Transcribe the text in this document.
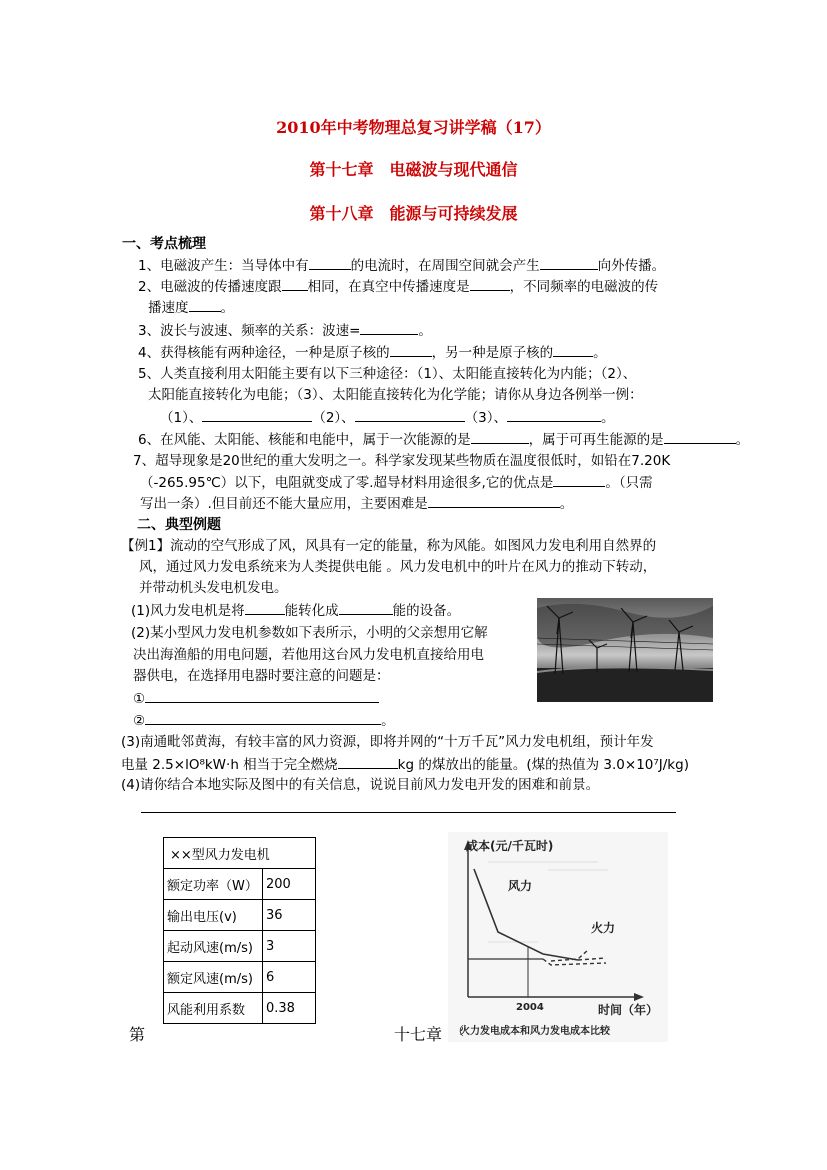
2010年中考物理总复习讲学稿（17）
第十七章　电磁波与现代通信
第十八章　能源与可持续发展
一、考点梳理
1、电磁波产生：当导体中有	的电流时，在周围空间就会产生	向外传播。
2、电磁波的传播速度跟 相同，在真空中传播速度是	，不同频率的电磁波的传
播速度 。
3、波长与波速、频率的关系：波速=	。
4、获得核能有两种途径，一种是原子核的	，另一种是原子核的	。
5、人类直接利用太阳能主要有以下三种途径：（1）、太阳能直接转化为内能；（2）、
太阳能直接转化为电能；（3）、太阳能直接转化为化学能；请你从身边各例举一例：
（1）、	（2）、	（3）、	。
6、在风能、太阳能、核能和电能中，属于一次能源的是	，属于可再生能源的是	。
7、超导现象是20世纪的重大发明之一。科学家发现某些物质在温度很低时，如铅在7.20K
（-265.95℃）以下，电阻就变成了零.超导材料用途很多,它的优点是	。（只需
写出一条）.但目前还不能大量应用，主要困难是	。
二、典型例题
【例1】流动的空气形成了风，风具有一定的能量，称为风能。如图风力发电利用自然界的
风，通过风力发电系统来为人类提供电能 。风力发电机中的叶片在风力的推动下转动，
并带动机头发电机发电。
(1)风力发电机是将	能转化成	能的设备。
(2)某小型风力发电机参数如下表所示，小明的父亲想用它解
决出海渔船的用电问题，若他用这台风力发电机直接给用电
器供电，在选择用电器时要注意的问题是：
①
②	。
(3)南通毗邻黄海，有较丰富的风力资源，即将并网的“十万千瓦”风力发电机组，预计年发
电量 2.5×lO⁸kW·h 相当于完全燃烧	kg 的煤放出的能量。(煤的热值为 3.0×10⁷J/kg)
(4)请你结合本地实际及图中的有关信息，说说目前风力发电开发的困难和前景。
××型风力发电机	
额定功率（W）	200
输出电压(v)	36
起动风速(m/s)	3
额定风速(m/s)	6
风能利用系数	0.38
成本(元/千瓦时)
风力
火力
2004	时间（年）
火力发电成本和风力发电成本比较
第	十七章 （
